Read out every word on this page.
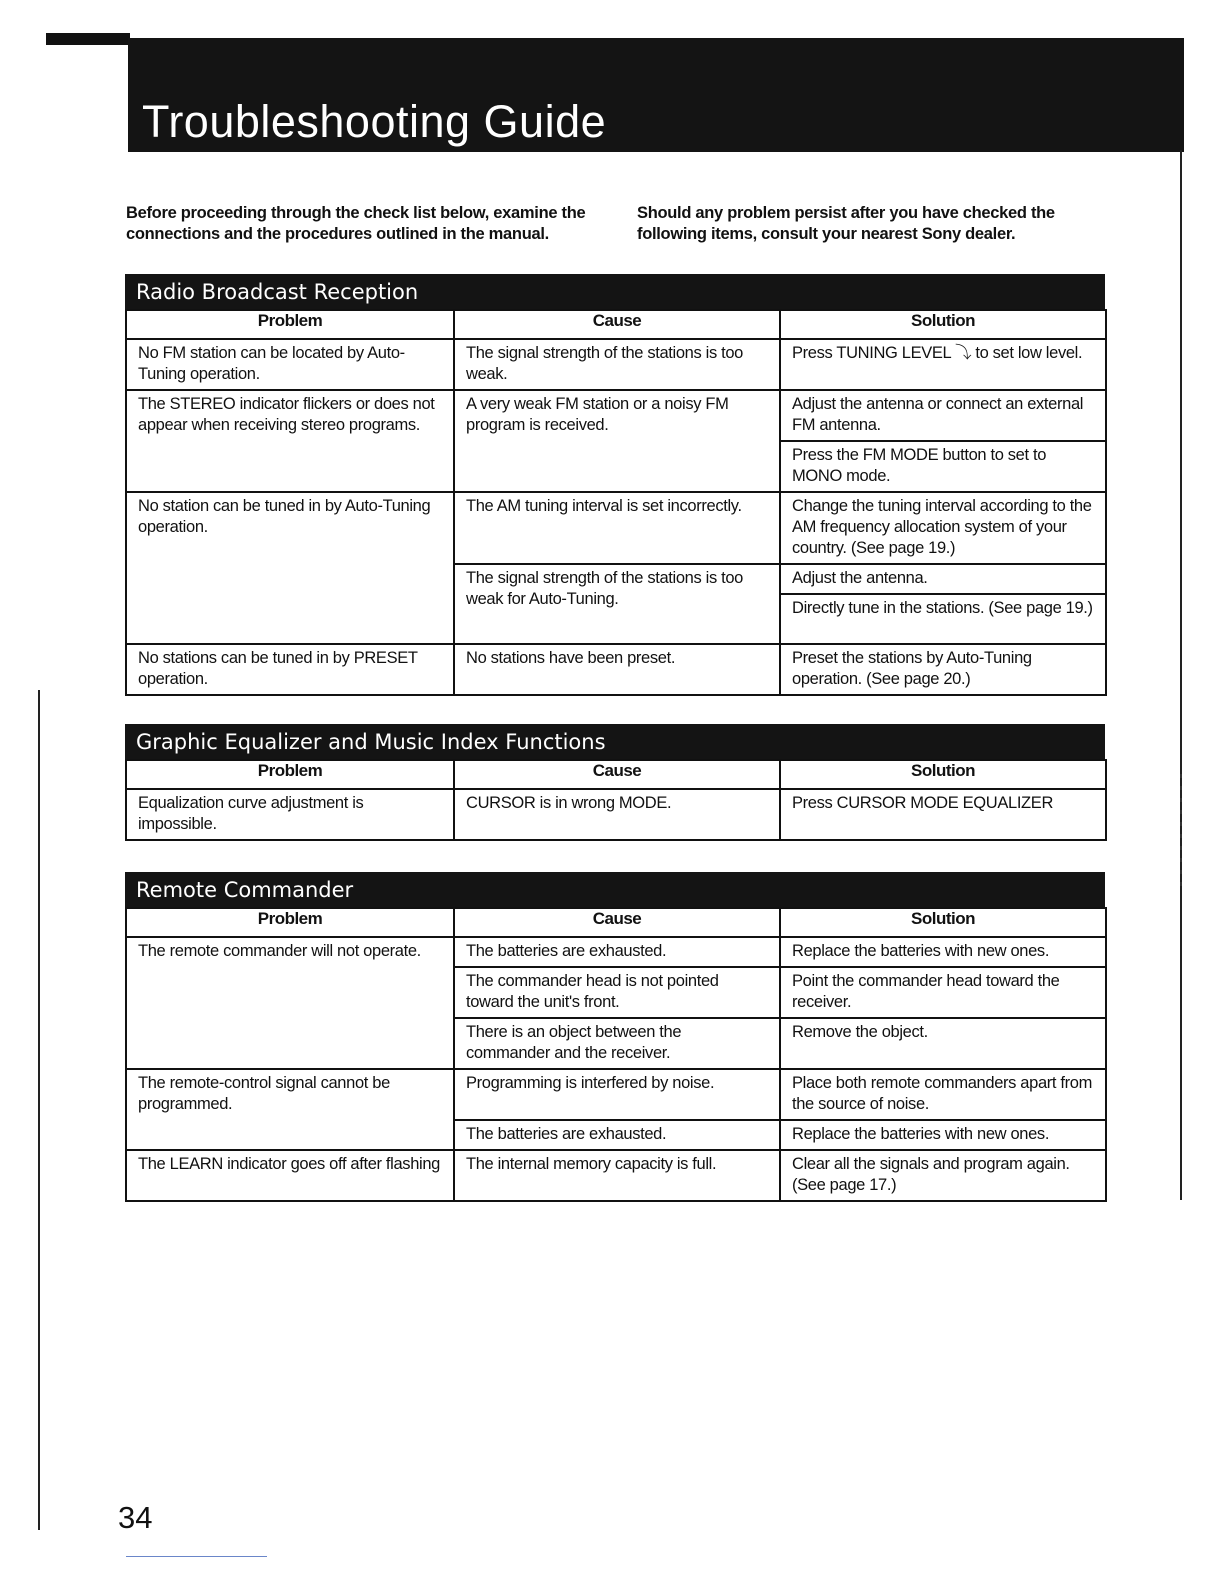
Troubleshooting Guide
Before proceeding through the check list below, examine the connections and the procedures outlined in the manual.
Should any problem persist after you have checked the following items, consult your nearest Sony dealer.
Radio Broadcast Reception
Problem	Cause	Solution
No FM station can be located by Auto-Tuning operation.	The signal strength of the stations is too weak.	Press TUNING LEVEL ⤵ to set low level.
The STEREO indicator flickers or does not appear when receiving stereo programs.	A very weak FM station or a noisy FM program is received.	Adjust the antenna or connect an external FM antenna.
		Press the FM MODE button to set to MONO mode.
No station can be tuned in by Auto-Tuning operation.	The AM tuning interval is set incorrectly.	Change the tuning interval according to the AM frequency allocation system of your country. (See page 19.)
	The signal strength of the stations is too weak for Auto-Tuning.	Adjust the antenna.
		Directly tune in the stations. (See page 19.)
No stations can be tuned in by PRESET operation.	No stations have been preset.	Preset the stations by Auto-Tuning operation. (See page 20.)
Graphic Equalizer and Music Index Functions
Problem	Cause	Solution
Equalization curve adjustment is impossible.	CURSOR is in wrong MODE.	Press CURSOR MODE EQUALIZER
Remote Commander
Problem	Cause	Solution
The remote commander will not operate.	The batteries are exhausted.	Replace the batteries with new ones.
	The commander head is not pointed toward the unit's front.	Point the commander head toward the receiver.
	There is an object between the commander and the receiver.	Remove the object.
The remote-control signal cannot be programmed.	Programming is interfered by noise.	Place both remote commanders apart from the source of noise.
	The batteries are exhausted.	Replace the batteries with new ones.
The LEARN indicator goes off after flashing	The internal memory capacity is full.	Clear all the signals and program again. (See page 17.)
34
